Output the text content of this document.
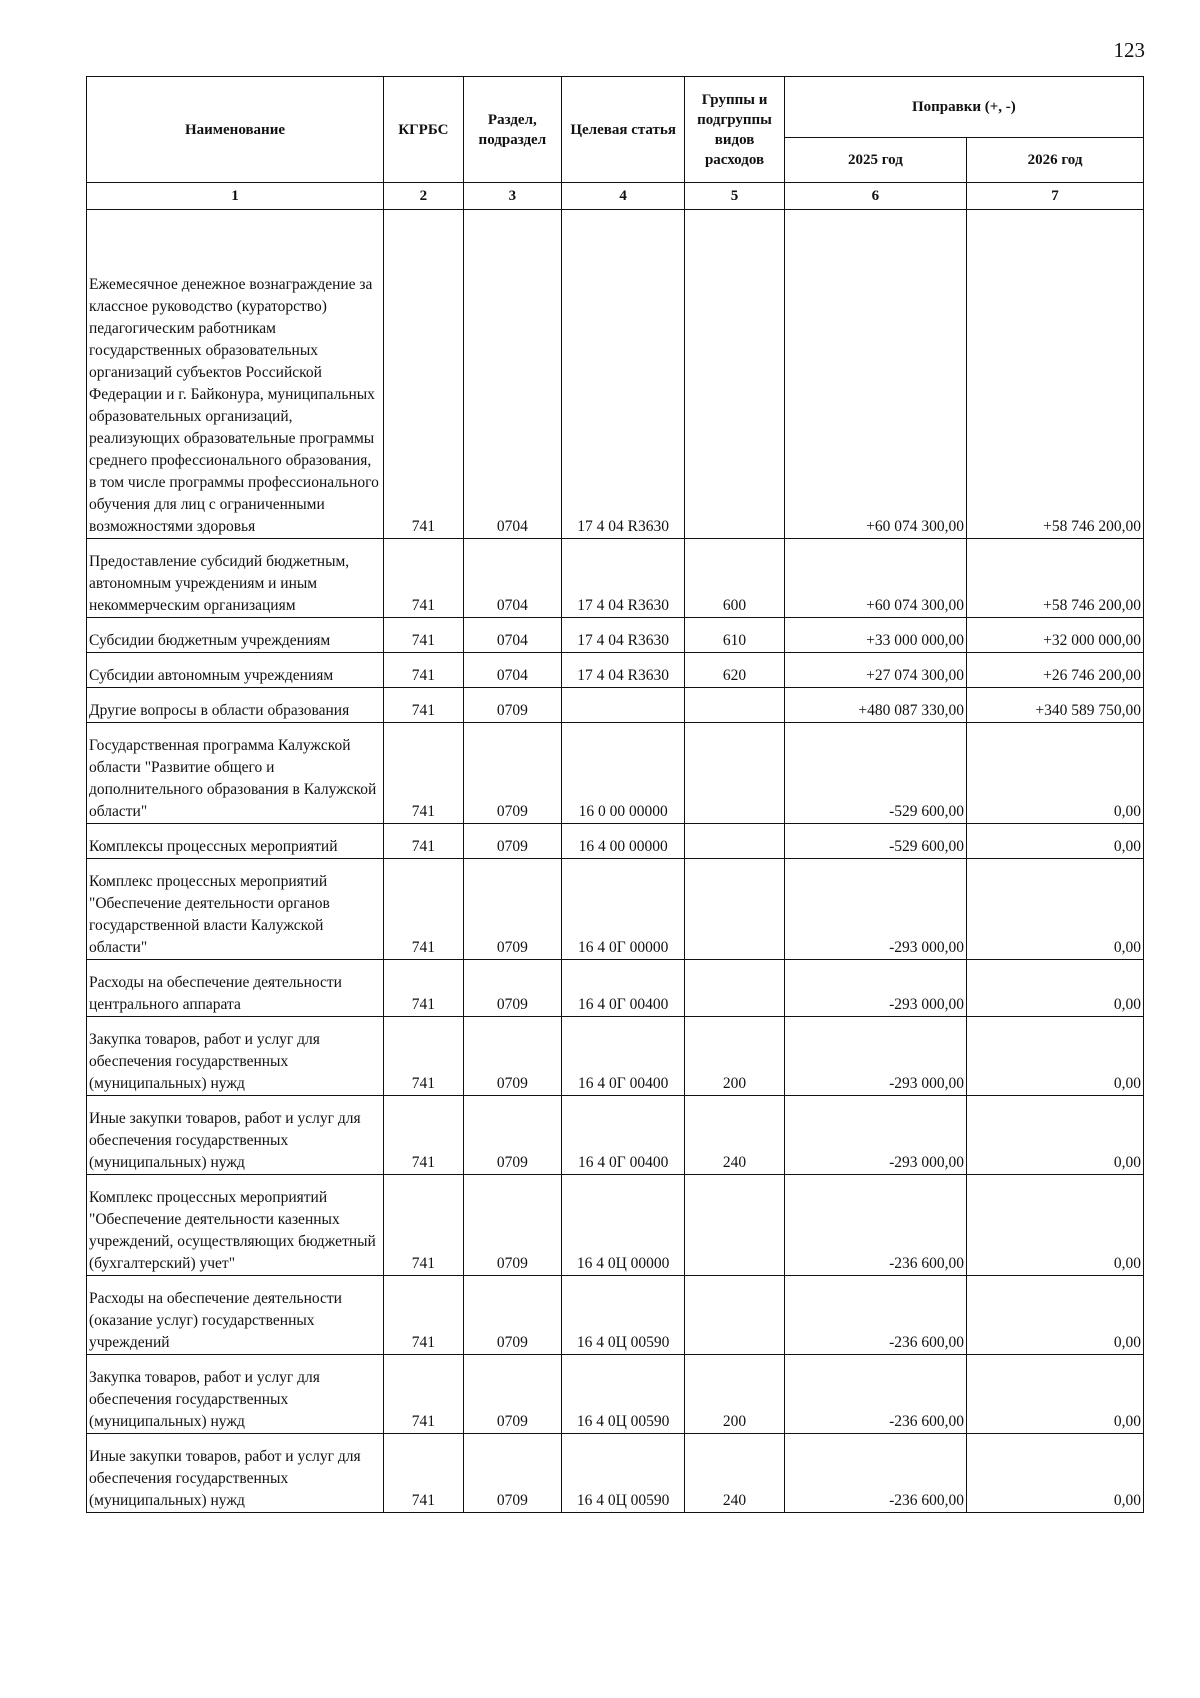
123
Наименование	КГРБС	Раздел, подраздел	Целевая статья	Группы и подгруппы видов расходов	Поправки (+, -)	
					2025 год	2026 год
1	2	3	4	5	6	7

Ежемесячное денежное вознаграждение за классное руководство (кураторство) педагогическим работникам государственных образовательных организаций субъектов Российской Федерации и г. Байконура, муниципальных образовательных организаций, реализующих образовательные программы среднего профессионального образования, в том числе программы профессионального обучения для лиц с ограниченными возможностями здоровья	741	0704	17 4 04 R3630		+60 074 300,00	+58 746 200,00
Предоставление субсидий бюджетным, автономным учреждениям и иным некоммерческим организациям	741	0704	17 4 04 R3630	600	+60 074 300,00	+58 746 200,00
Субсидии бюджетным учреждениям	741	0704	17 4 04 R3630	610	+33 000 000,00	+32 000 000,00
Субсидии автономным учреждениям	741	0704	17 4 04 R3630	620	+27 074 300,00	+26 746 200,00
Другие вопросы в области образования	741	0709			+480 087 330,00	+340 589 750,00
Государственная программа Калужской области "Развитие общего и дополнительного образования в Калужской области"	741	0709	16 0 00 00000		-529 600,00	0,00
Комплексы процессных мероприятий	741	0709	16 4 00 00000		-529 600,00	0,00
Комплекс процессных мероприятий "Обеспечение деятельности органов государственной власти Калужской области"	741	0709	16 4 0Г 00000		-293 000,00	0,00
Расходы на обеспечение деятельности центрального аппарата	741	0709	16 4 0Г 00400		-293 000,00	0,00
Закупка товаров, работ и услуг для обеспечения государственных (муниципальных) нужд	741	0709	16 4 0Г 00400	200	-293 000,00	0,00
Иные закупки товаров, работ и услуг для обеспечения государственных (муниципальных) нужд	741	0709	16 4 0Г 00400	240	-293 000,00	0,00
Комплекс процессных мероприятий "Обеспечение деятельности казенных учреждений, осуществляющих бюджетный (бухгалтерский) учет"	741	0709	16 4 0Ц 00000		-236 600,00	0,00
Расходы на обеспечение деятельности (оказание услуг) государственных учреждений	741	0709	16 4 0Ц 00590		-236 600,00	0,00
Закупка товаров, работ и услуг для обеспечения государственных (муниципальных) нужд	741	0709	16 4 0Ц 00590	200	-236 600,00	0,00
Иные закупки товаров, работ и услуг для обеспечения государственных (муниципальных) нужд	741	0709	16 4 0Ц 00590	240	-236 600,00	0,00
